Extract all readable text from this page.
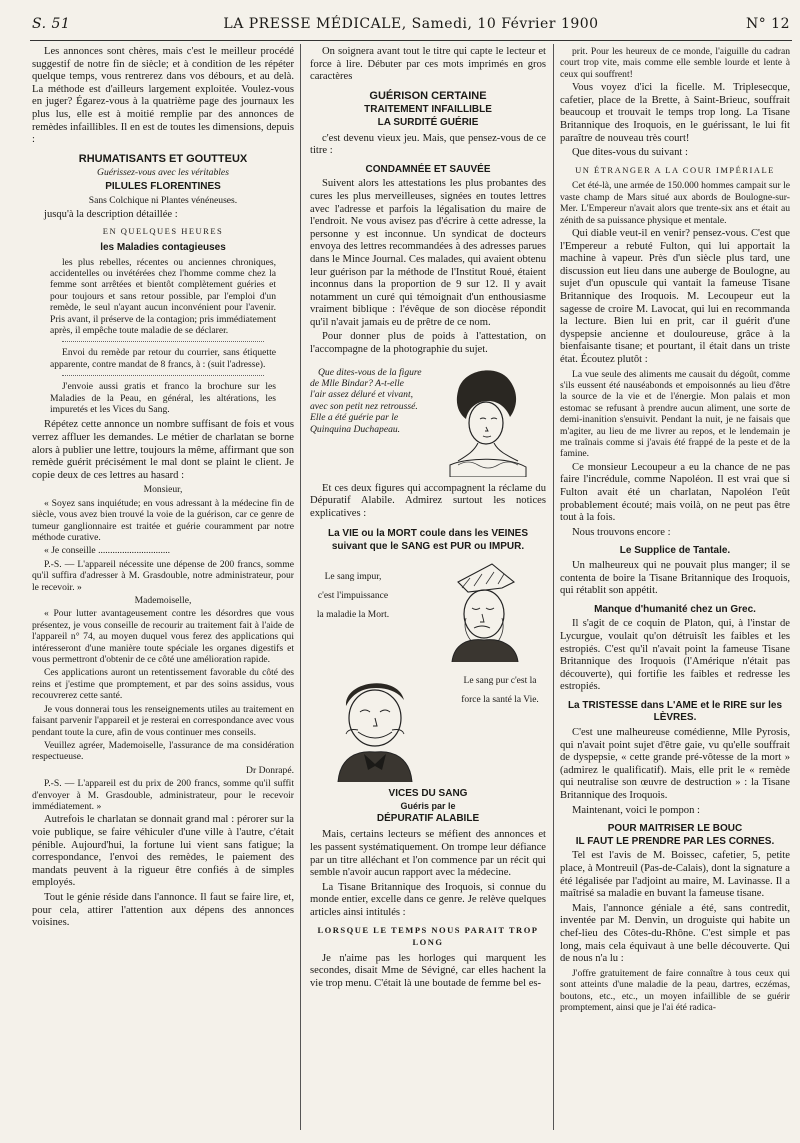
S. 51	LA PRESSE MÉDICALE, Samedi, 10 Février 1900	N° 12

Les annonces sont chères, mais c'est le meilleur procédé suggestif de notre fin de siècle; et à condition de les répéter quelque temps, vous rentrerez dans vos débours, et au delà. La méthode est d'ailleurs largement exploitée. Voulez-vous en juger? Égarez-vous à la quatrième page des journaux les plus lus, elle est à moitié remplie par des annonces de remèdes infaillibles. Il en est de toutes les dimensions, depuis :

RHUMATISANTS ET GOUTTEUX

Guérissez-vous avec les véritables

PILULES FLORENTINES

Sans Colchique ni Plantes vénéneuses.

jusqu'à la description détaillée :

EN QUELQUES HEURES
les Maladies contagieuses

les plus rebelles, récentes ou anciennes chroniques, accidentelles ou invétérées chez l'homme comme chez la femme sont arrêtées et bientôt complètement guéries et pour toujours et sans retour possible, par l'emploi d'un remède, le seul n'ayant aucun inconvénient pour l'avenir. Pris avant, il préserve de la contagion; pris immédiatement après, il empêche toute maladie de se déclarer.

Envoi du remède par retour du courrier, sans étiquette apparente, contre mandat de 8 francs, à : (suit l'adresse).

J'envoie aussi gratis et franco la brochure sur les Maladies de la Peau, en général, les altérations, les impuretés et les Vices du Sang.

Répétez cette annonce un nombre suffisant de fois et vous verrez affluer les demandes. Le métier de charlatan se borne alors à publier une lettre, toujours la même, affirmant que son remède guérit précisément le mal dont se plaint le client. Je copie deux de ces lettres au hasard :

Monsieur,

« Soyez sans inquiétude; en vous adressant à la médecine fin de siècle, vous avez bien trouvé la voie de la guérison, car ce genre de tumeur ganglionnaire est traitée et guérie couramment par notre méthode curative.

« Je conseille ..............................

P.-S. — L'appareil nécessite une dépense de 200 francs, somme qu'il suffira d'adresser à M. Grasdouble, notre administrateur, pour le recevoir. »

Mademoiselle,

« Pour lutter avantageusement contre les désordres que vous présentez, je vous conseille de recourir au traitement fait à l'aide de l'appareil n° 74, au moyen duquel vous ferez des applications qui intéresseront d'une manière toute spéciale les organes digestifs et vous permettront d'obtenir de ce côté une amélioration rapide.

Ces applications auront un retentissement favorable du côté des reins et j'estime que promptement, et par des soins assidus, vous recouvrerez cette santé.

Je vous donnerai tous les renseignements utiles au traitement en faisant parvenir l'appareil et je resterai en correspondance avec vous pendant toute la cure, afin de vous continuer mes conseils.

Veuillez agréer, Mademoiselle, l'assurance de ma considération respectueuse.

Dr Donrapé.

P.-S. — L'appareil est du prix de 200 francs, somme qu'il suffit d'envoyer à M. Grasdouble, administrateur, pour le recevoir immédiatement. »

Autrefois le charlatan se donnait grand mal : pérorer sur la voie publique, se faire véhiculer d'une ville à l'autre, c'était pénible. Aujourd'hui, la fortune lui vient sans fatigue; la correspondance, l'envoi des remèdes, le paiement des mandats peuvent à la rigueur être confiés à de simples employés.

Tout le génie réside dans l'annonce. Il faut se faire lire, et, pour cela, attirer l'attention aux dépens des annonces voisines.

On soignera avant tout le titre qui capte le lecteur et force à lire. Débuter par ces mots imprimés en gros caractères

GUÉRISON CERTAINE
TRAITEMENT INFAILLIBLE
LA SURDITÉ GUÉRIE

c'est devenu vieux jeu. Mais, que pensez-vous de ce titre :

CONDAMNÉE ET SAUVÉE

Suivent alors les attestations les plus probantes des cures les plus merveilleuses, signées en toutes lettres avec l'adresse et parfois la légalisation du maire de l'endroit. Ne vous avisez pas d'écrire à cette adresse, la personne y est inconnue. Un syndicat de docteurs envoya des lettres recommandées à des adresses parues dans le Mince Journal. Ces malades, qui avaient obtenu leur guérison par la méthode de l'Institut Roué, étaient inconnus dans la proportion de 9 sur 12. Il y avait notamment un curé qui témoignait d'un enthousiasme vraiment biblique : l'évêque de son diocèse répondit qu'il n'avait jamais eu de prêtre de ce nom.

Pour donner plus de poids à l'attestation, on l'accompagne de la photographie du sujet.

Que dites-vous de la figure de Mlle Bindar? A-t-elle l'air assez déluré et vivant, avec son petit nez retroussé. Elle a été guérie par le Quinquina Duchapeau.

Et ces deux figures qui accompagnent la réclame du Dépuratif Alabile. Admirez surtout les notices explicatives :

La VIE ou la MORT coule dans les VEINES suivant que le SANG est PUR ou IMPUR.
Le sang impur, c'est l'impuissance la maladie la Mort.
Le sang pur c'est la force la santé la Vie.
VICES DU SANG
Guéris par le
DÉPURATIF ALABILE

Mais, certains lecteurs se méfient des annonces et les passent systématiquement. On trompe leur défiance par un titre alléchant et l'on commence par un récit qui semble n'avoir aucun rapport avec la médecine.

La Tisane Britannique des Iroquois, si connue du monde entier, excelle dans ce genre. Je relève quelques articles ainsi intitulés :

LORSQUE LE TEMPS NOUS PARAIT TROP LONG

Je n'aime pas les horloges qui marquent les secondes, disait Mme de Sévigné, car elles hachent la vie trop menu. C'était là une boutade de femme bel es-

prit. Pour les heureux de ce monde, l'aiguille du cadran court trop vite, mais comme elle semble lourde et lente à ceux qui souffrent!

Vous voyez d'ici la ficelle. M. Triplesecque, cafetier, place de la Brette, à Saint-Brieuc, souffrait beaucoup et trouvait le temps trop long. La Tisane Britannique des Iroquois, en le guérissant, le lui fit paraître de nouveau très court!

Que dites-vous du suivant :

UN ÉTRANGER A LA COUR IMPÉRIALE

Cet été-là, une armée de 150.000 hommes campait sur le vaste champ de Mars situé aux abords de Boulogne-sur-Mer. L'Empereur n'avait alors que trente-six ans et était au zénith de sa puissance physique et mentale.

Qui diable veut-il en venir? pensez-vous. C'est que l'Empereur a rebuté Fulton, qui lui apportait la machine à vapeur. Près d'un siècle plus tard, une discussion eut lieu dans une auberge de Boulogne, au sujet d'un opuscule qui vantait la fameuse Tisane Britannique des Iroquois. M. Lecoupeur eut la sagesse de croire M. Lavocat, qui lui en recommanda la lecture. Bien lui en prit, car il guérit d'une dyspepsie ancienne et douloureuse, grâce à la bienfaisante tisane; et pourtant, il était dans un triste état. Écoutez plutôt :

La vue seule des aliments me causait du dégoût, comme s'ils eussent été nauséabonds et empoisonnés au lieu d'être la source de la vie et de l'énergie. Mon palais et mon estomac se refusant à prendre aucun aliment, une sorte de demi-inanition s'ensuivit. Pendant la nuit, je ne faisais que m'agiter, au lieu de me livrer au repos, et le lendemain je me traînais comme si j'avais été frappé de la peste et de la famine.

Ce monsieur Lecoupeur a eu la chance de ne pas faire l'incrédule, comme Napoléon. Il est vrai que si Fulton avait été un charlatan, Napoléon l'eût probablement écouté; mais voilà, on ne peut pas être tout à la fois.

Nous trouvons encore :

Le Supplice de Tantale.

Un malheureux qui ne pouvait plus manger; il se contenta de boire la Tisane Britannique des Iroquois, qui rétablit son appétit.

Manque d'humanité chez un Grec.

Il s'agit de ce coquin de Platon, qui, à l'instar de Lycurgue, voulait qu'on détruisît les faibles et les estropiés. C'est qu'il n'avait point la fameuse Tisane Britannique des Iroquois (l'Amérique n'était pas découverte), qui fortifie les faibles et redresse les estropiés.

La TRISTESSE dans L'AME et le RIRE sur les LÈVRES.

C'est une malheureuse comédienne, Mlle Pyrosis, qui n'avait point sujet d'être gaie, vu qu'elle souffrait de dyspepsie, « cette grande pré-vôtesse de la mort » (admirez le qualificatif). Mais, elle prit le « remède qui neutralise son œuvre de destruction » : la Tisane Britannique des Iroquois.

Maintenant, voici le pompon :

POUR MAITRISER LE BOUC
IL FAUT LE PRENDRE PAR LES CORNES.

Tel est l'avis de M. Boissec, cafetier, 5, petite place, à Montreuil (Pas-de-Calais), dont la signature a été légalisée par l'adjoint au maire, M. Lavinasse. Il a maîtrisé sa maladie en buvant la fameuse tisane.

Mais, l'annonce géniale a été, sans contredit, inventée par M. Denvin, un droguiste qui habite un chef-lieu des Côtes-du-Rhône. C'est simple et pas long, mais cela équivaut à une belle découverte. Qui de nous n'a lu :

J'offre gratuitement de faire connaître à tous ceux qui sont atteints d'une maladie de la peau, dartres, eczémas, boutons, etc., etc., un moyen infaillible de se guérir promptement, ainsi que je l'ai été radica-
